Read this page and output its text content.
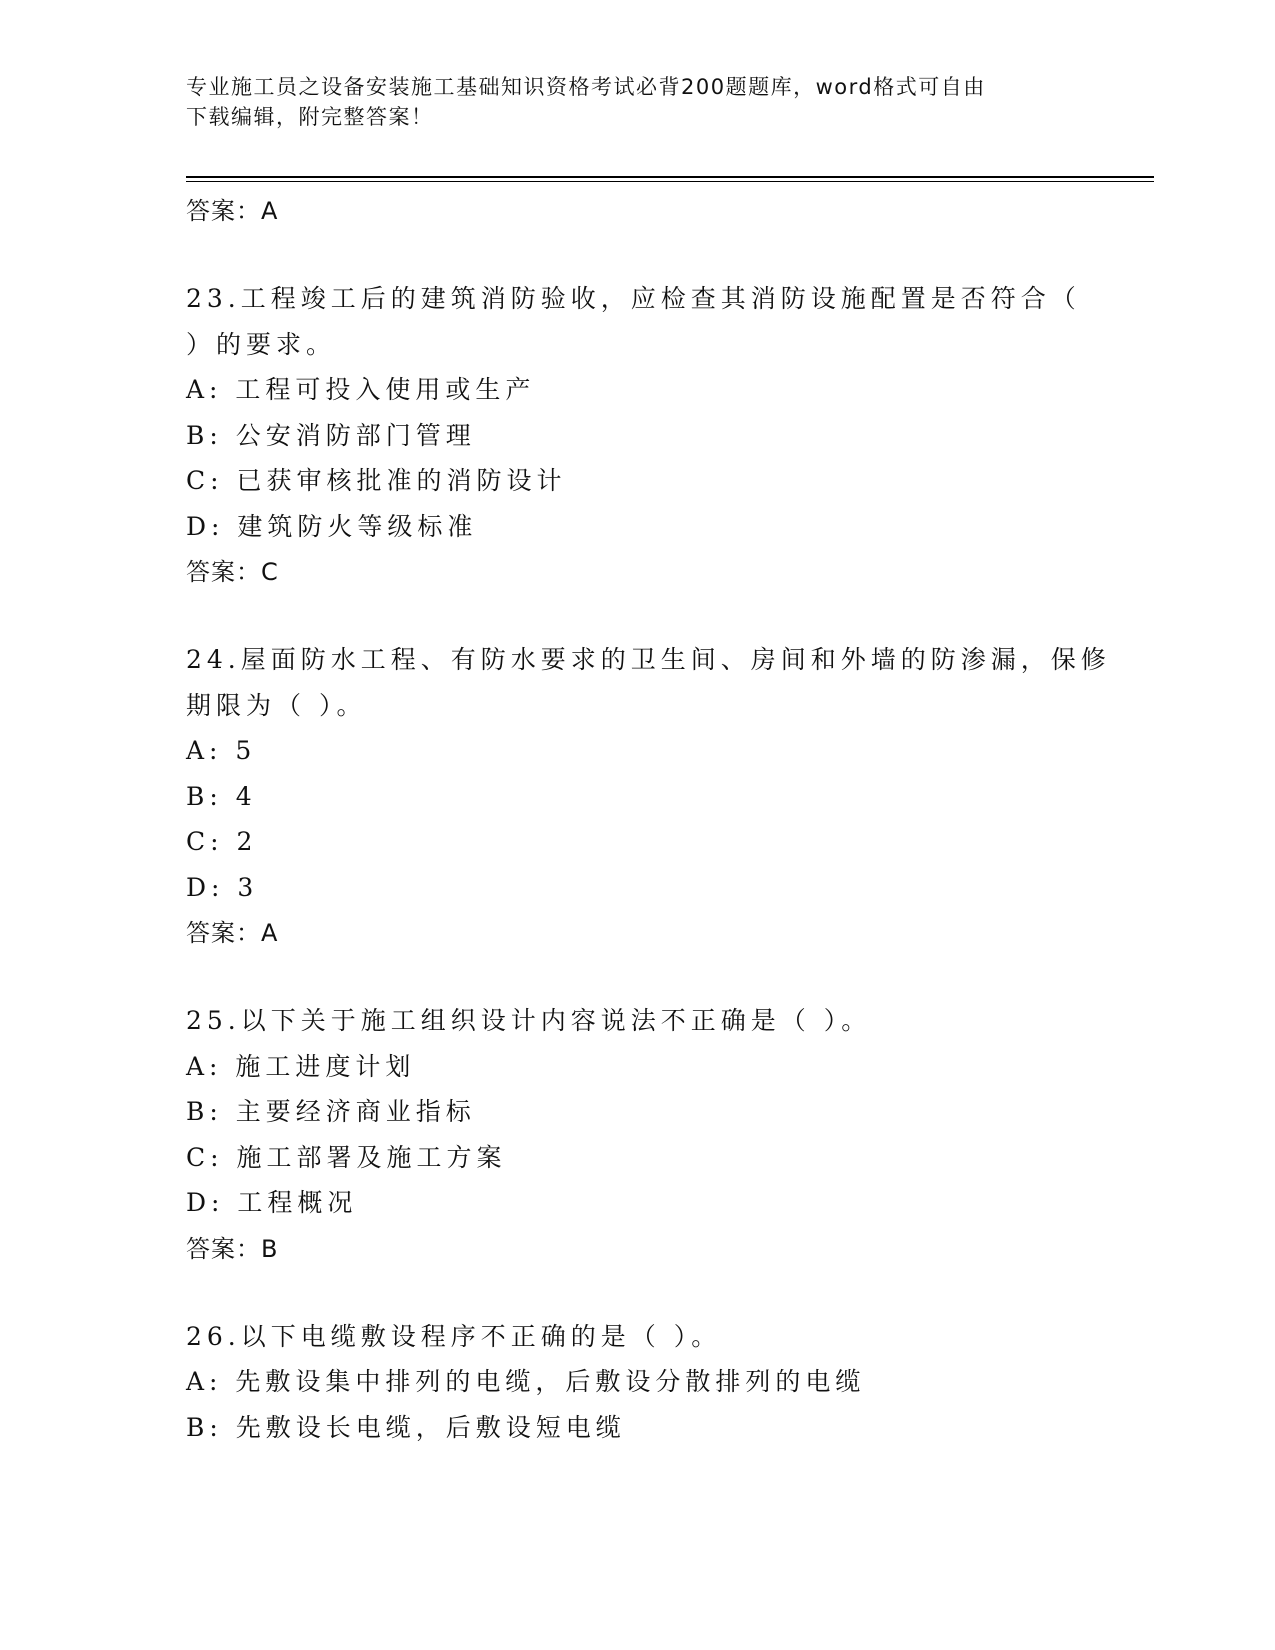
专业施工员之设备安装施工基础知识资格考试必背200题题库，word格式可自由
下载编辑，附完整答案！
答案：A
23.工程竣工后的建筑消防验收，应检查其消防设施配置是否符合（
）的要求。
A: 工程可投入使用或生产
B: 公安消防部门管理
C: 已获审核批准的消防设计
D: 建筑防火等级标准
答案：C
24.屋面防水工程、有防水要求的卫生间、房间和外墙的防渗漏，保修
期限为（ ）。
A: 5
B: 4
C: 2
D: 3
答案：A
25.以下关于施工组织设计内容说法不正确是（ ）。
A: 施工进度计划
B: 主要经济商业指标
C: 施工部署及施工方案
D: 工程概况
答案：B
26.以下电缆敷设程序不正确的是（ ）。
A: 先敷设集中排列的电缆，后敷设分散排列的电缆
B: 先敷设长电缆，后敷设短电缆
